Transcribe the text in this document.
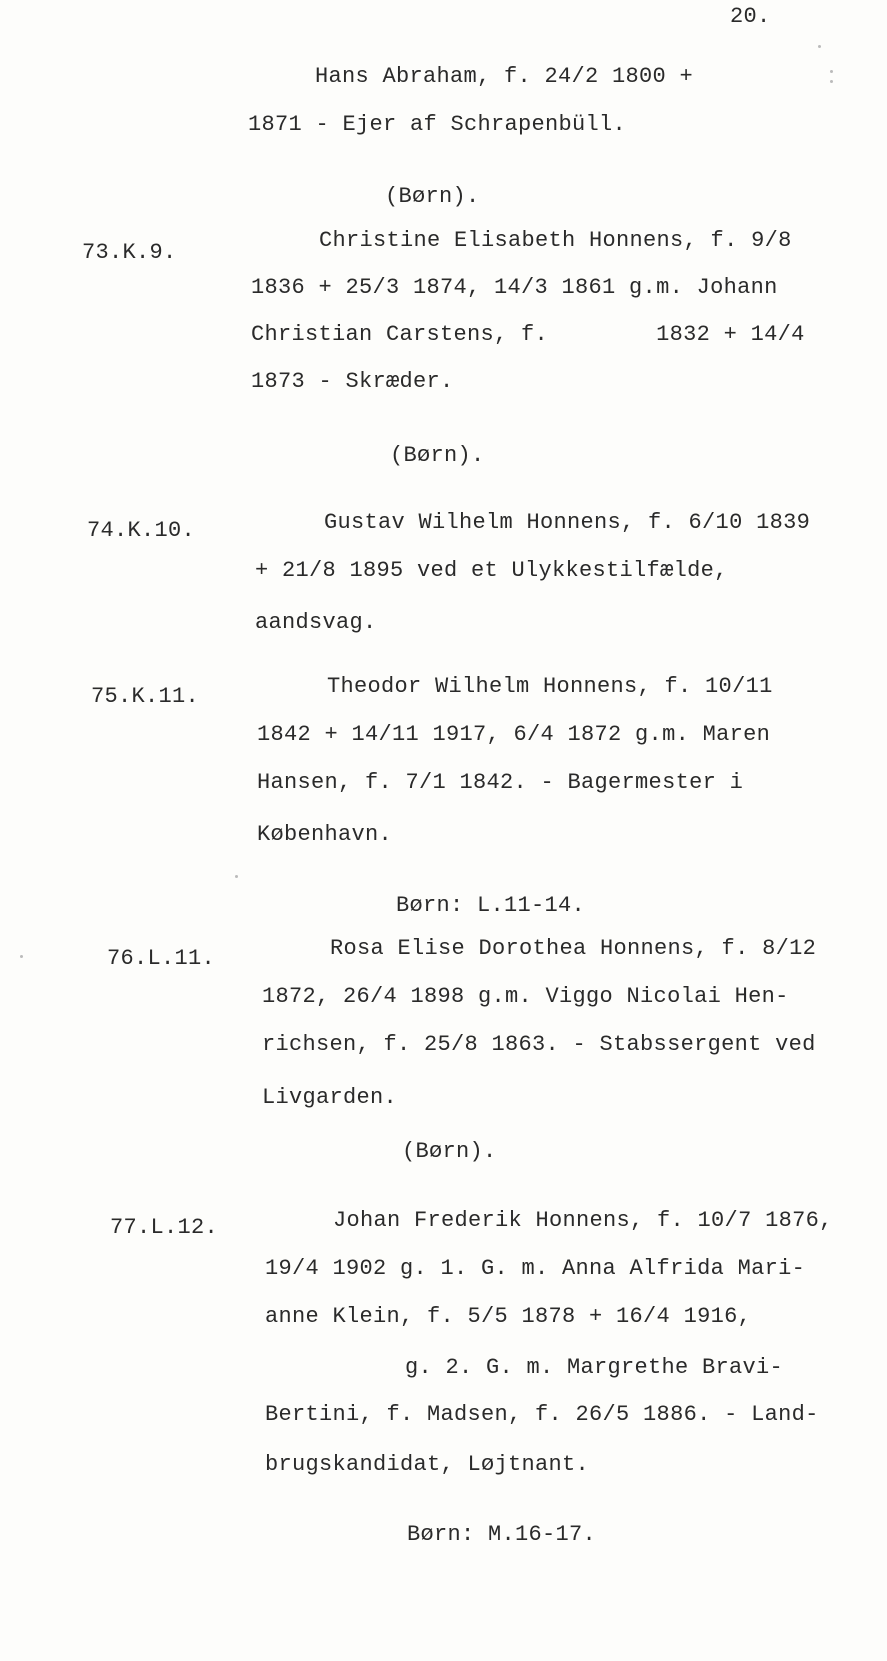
20.
Hans Abraham, f. 24/2 1800 +
1871 - Ejer af Schrapenbüll.
(Børn).
73.K.9.	Christine Elisabeth Honnens, f. 9/8
1836 + 25/3 1874, 14/3 1861 g.m. Johann
Christian Carstens, f.        1832 + 14/4
1873 - Skræder.
(Børn).
74.K.10.	Gustav Wilhelm Honnens, f. 6/10 1839
+ 21/8 1895 ved et Ulykkestilfælde,
aandsvag.
75.K.11.	Theodor Wilhelm Honnens, f. 10/11
1842 + 14/11 1917, 6/4 1872 g.m. Maren
Hansen, f. 7/1 1842. - Bagermester i
København.
Børn: L.11-14.
76.L.11.	Rosa Elise Dorothea Honnens, f. 8/12
1872, 26/4 1898 g.m. Viggo Nicolai Hen-
richsen, f. 25/8 1863. - Stabssergent ved
Livgarden.
(Børn).
77.L.12.	Johan Frederik Honnens, f. 10/7 1876,
19/4 1902 g. 1. G. m. Anna Alfrida Mari-
anne Klein, f. 5/5 1878 + 16/4 1916,
g. 2. G. m. Margrethe Bravi-
Bertini, f. Madsen, f. 26/5 1886. - Land-
brugskandidat, Løjtnant.
Børn: M.16-17.
